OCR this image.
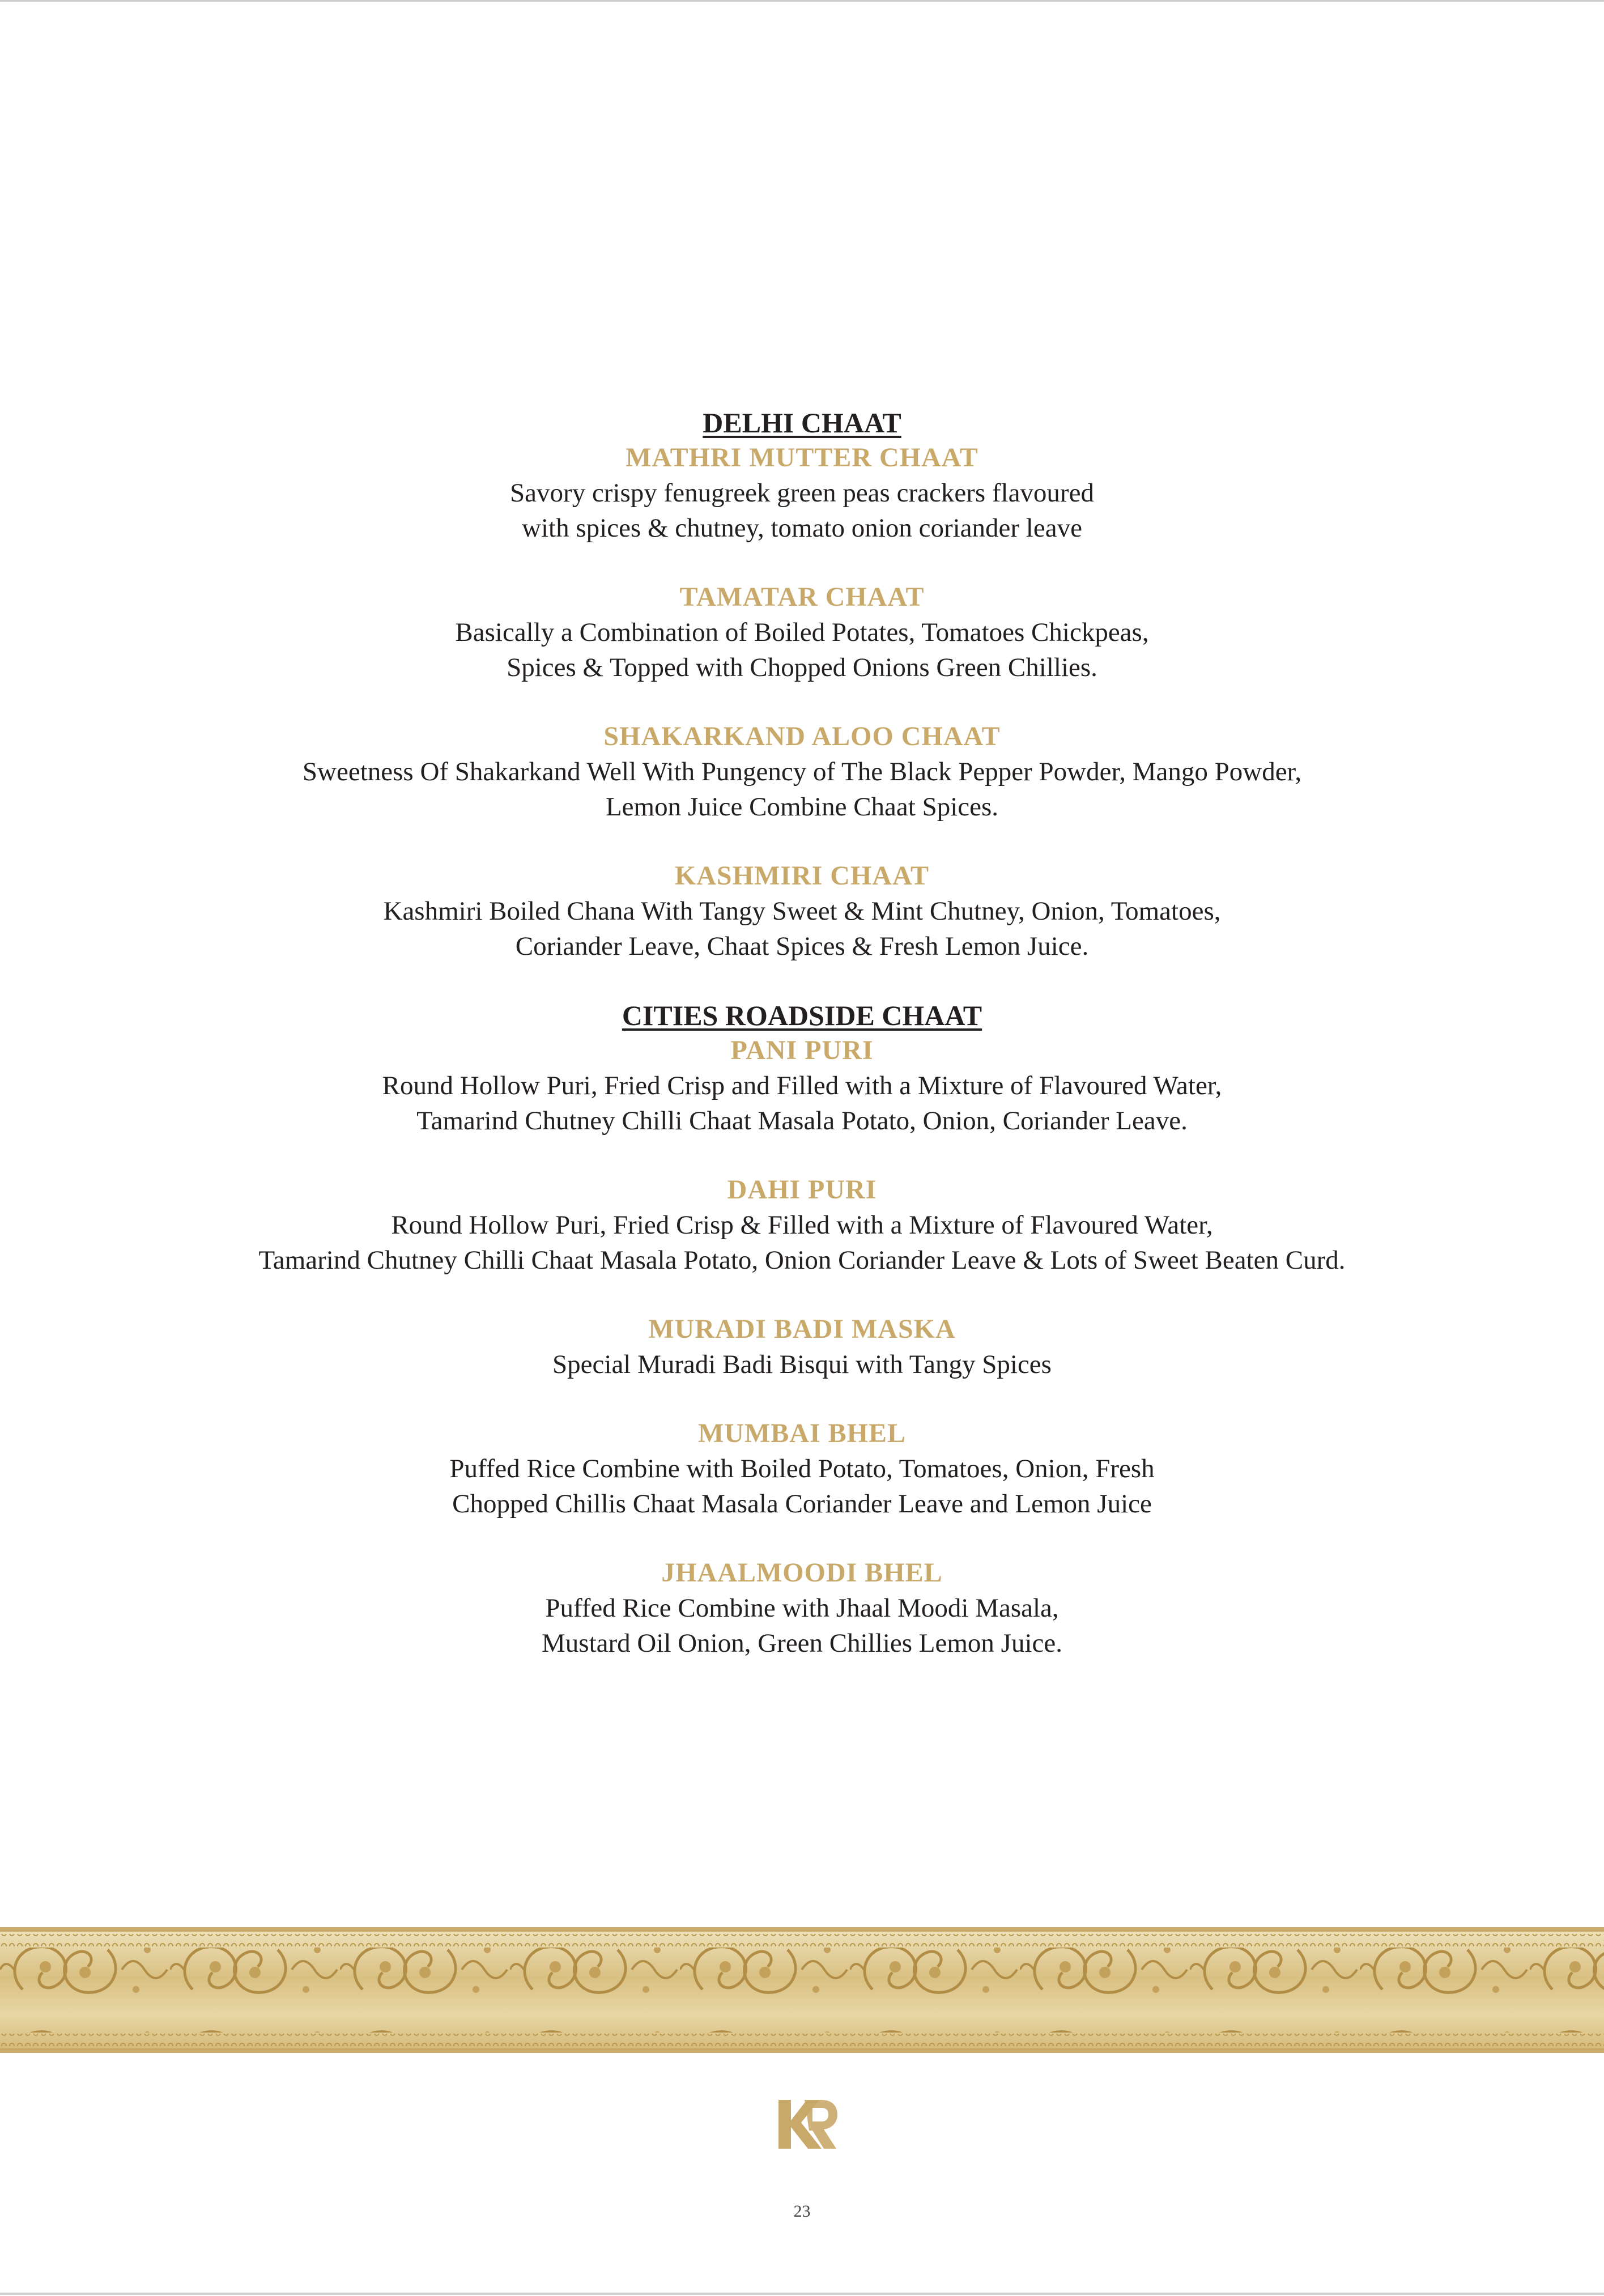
DELHI CHAAT
MATHRI MUTTER CHAAT
Savory crispy fenugreek green peas crackers flavoured
with spices & chutney, tomato onion coriander leave
TAMATAR CHAAT
Basically a Combination of Boiled Potates, Tomatoes Chickpeas,
Spices & Topped with Chopped Onions Green Chillies.
SHAKARKAND ALOO CHAAT
Sweetness Of Shakarkand Well With Pungency of The Black Pepper Powder, Mango Powder,
Lemon Juice Combine Chaat Spices.
KASHMIRI CHAAT
Kashmiri Boiled Chana With Tangy Sweet & Mint Chutney, Onion, Tomatoes,
Coriander Leave, Chaat Spices & Fresh Lemon Juice.
CITIES ROADSIDE CHAAT
PANI PURI
Round Hollow Puri, Fried Crisp and Filled with a Mixture of Flavoured Water,
Tamarind Chutney Chilli Chaat Masala Potato, Onion, Coriander Leave.
DAHI PURI
Round Hollow Puri, Fried Crisp & Filled with a Mixture of Flavoured Water,
Tamarind Chutney Chilli Chaat Masala Potato, Onion Coriander Leave & Lots of Sweet Beaten Curd.
MURADI BADI MASKA
Special Muradi Badi Bisqui with Tangy Spices
MUMBAI BHEL
Puffed Rice Combine with Boiled Potato, Tomatoes, Onion, Fresh
Chopped Chillis Chaat Masala Coriander Leave and Lemon Juice
JHAALMOODI BHEL
Puffed Rice Combine with Jhaal Moodi Masala,
Mustard Oil Onion, Green Chillies Lemon Juice.
23
